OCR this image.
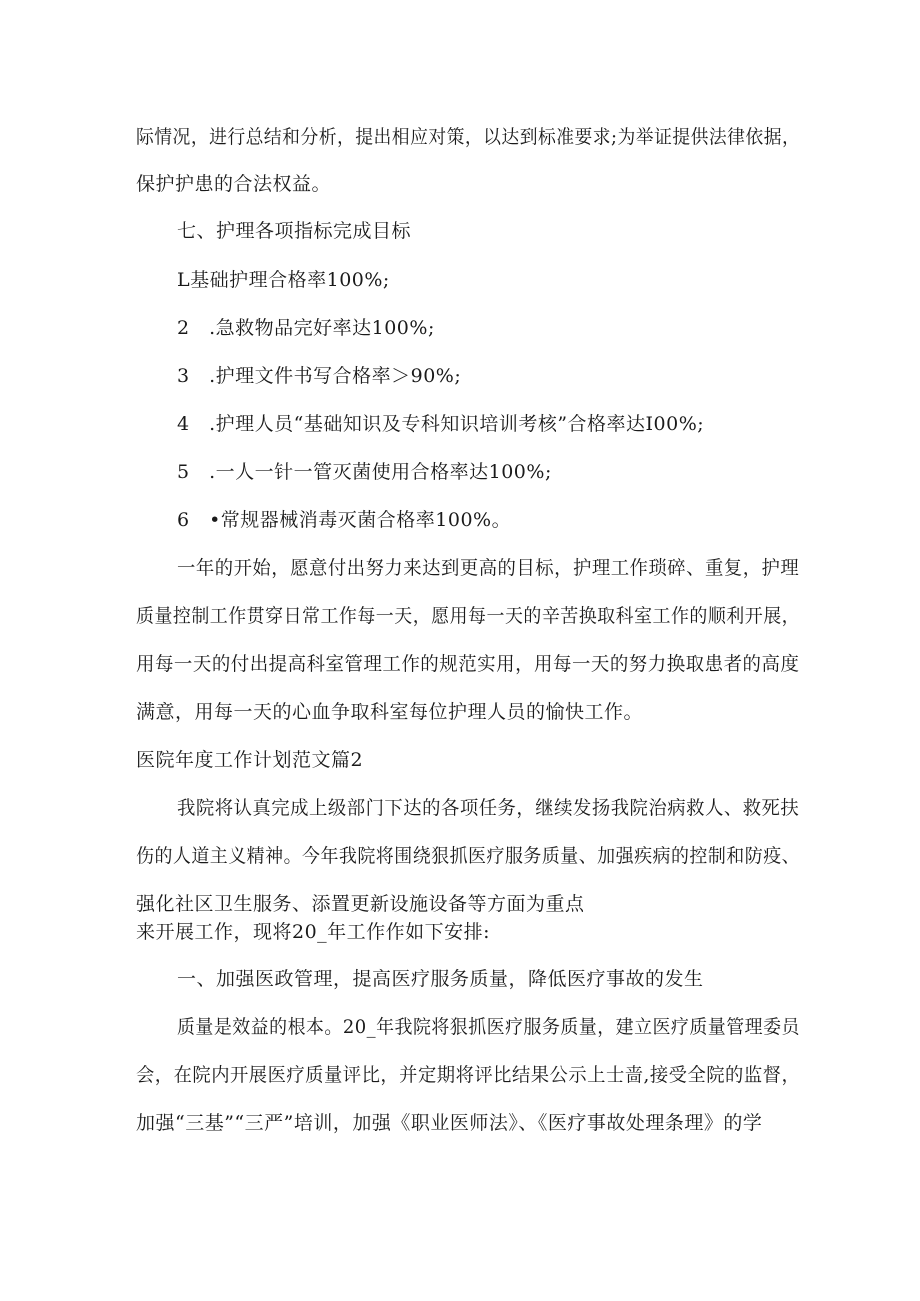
际情况，进行总结和分析，提出相应对策，以达到标准要求;为举证提供法律依据，
保护护患的合法权益。
七、护理各项指标完成目标
L基础护理合格率100%;
2　.急救物品完好率达100%;
3　.护理文件书写合格率＞90%;
4　.护理人员“基础知识及专科知识培训考核”合格率达I00%;
5　.一人一针一管灭菌使用合格率达100%;
6　•常规器械消毒灭菌合格率100%。
一年的开始，愿意付出努力来达到更高的目标，护理工作琐碎、重复，护理
质量控制工作贯穿日常工作每一天，愿用每一天的辛苦换取科室工作的顺利开展，
用每一天的付出提高科室管理工作的规范实用，用每一天的努力换取患者的高度
满意，用每一天的心血争取科室每位护理人员的愉快工作。
医院年度工作计划范文篇2
我院将认真完成上级部门下达的各项任务，继续发扬我院治病救人、救死扶
伤的人道主义精神。今年我院将围绕狠抓医疗服务质量、加强疾病的控制和防疫、
强化社区卫生服务、添置更新设施设备等方面为重点
来开展工作，现将20_年工作作如下安排:
一、加强医政管理，提高医疗服务质量，降低医疗事故的发生
质量是效益的根本。20_年我院将狠抓医疗服务质量，建立医疗质量管理委员
会，在院内开展医疗质量评比，并定期将评比结果公示上士啬,接受全院的监督，
加强“三基”“三严”培训，加强《职业医师法》、《医疗事故处理条理》的学
